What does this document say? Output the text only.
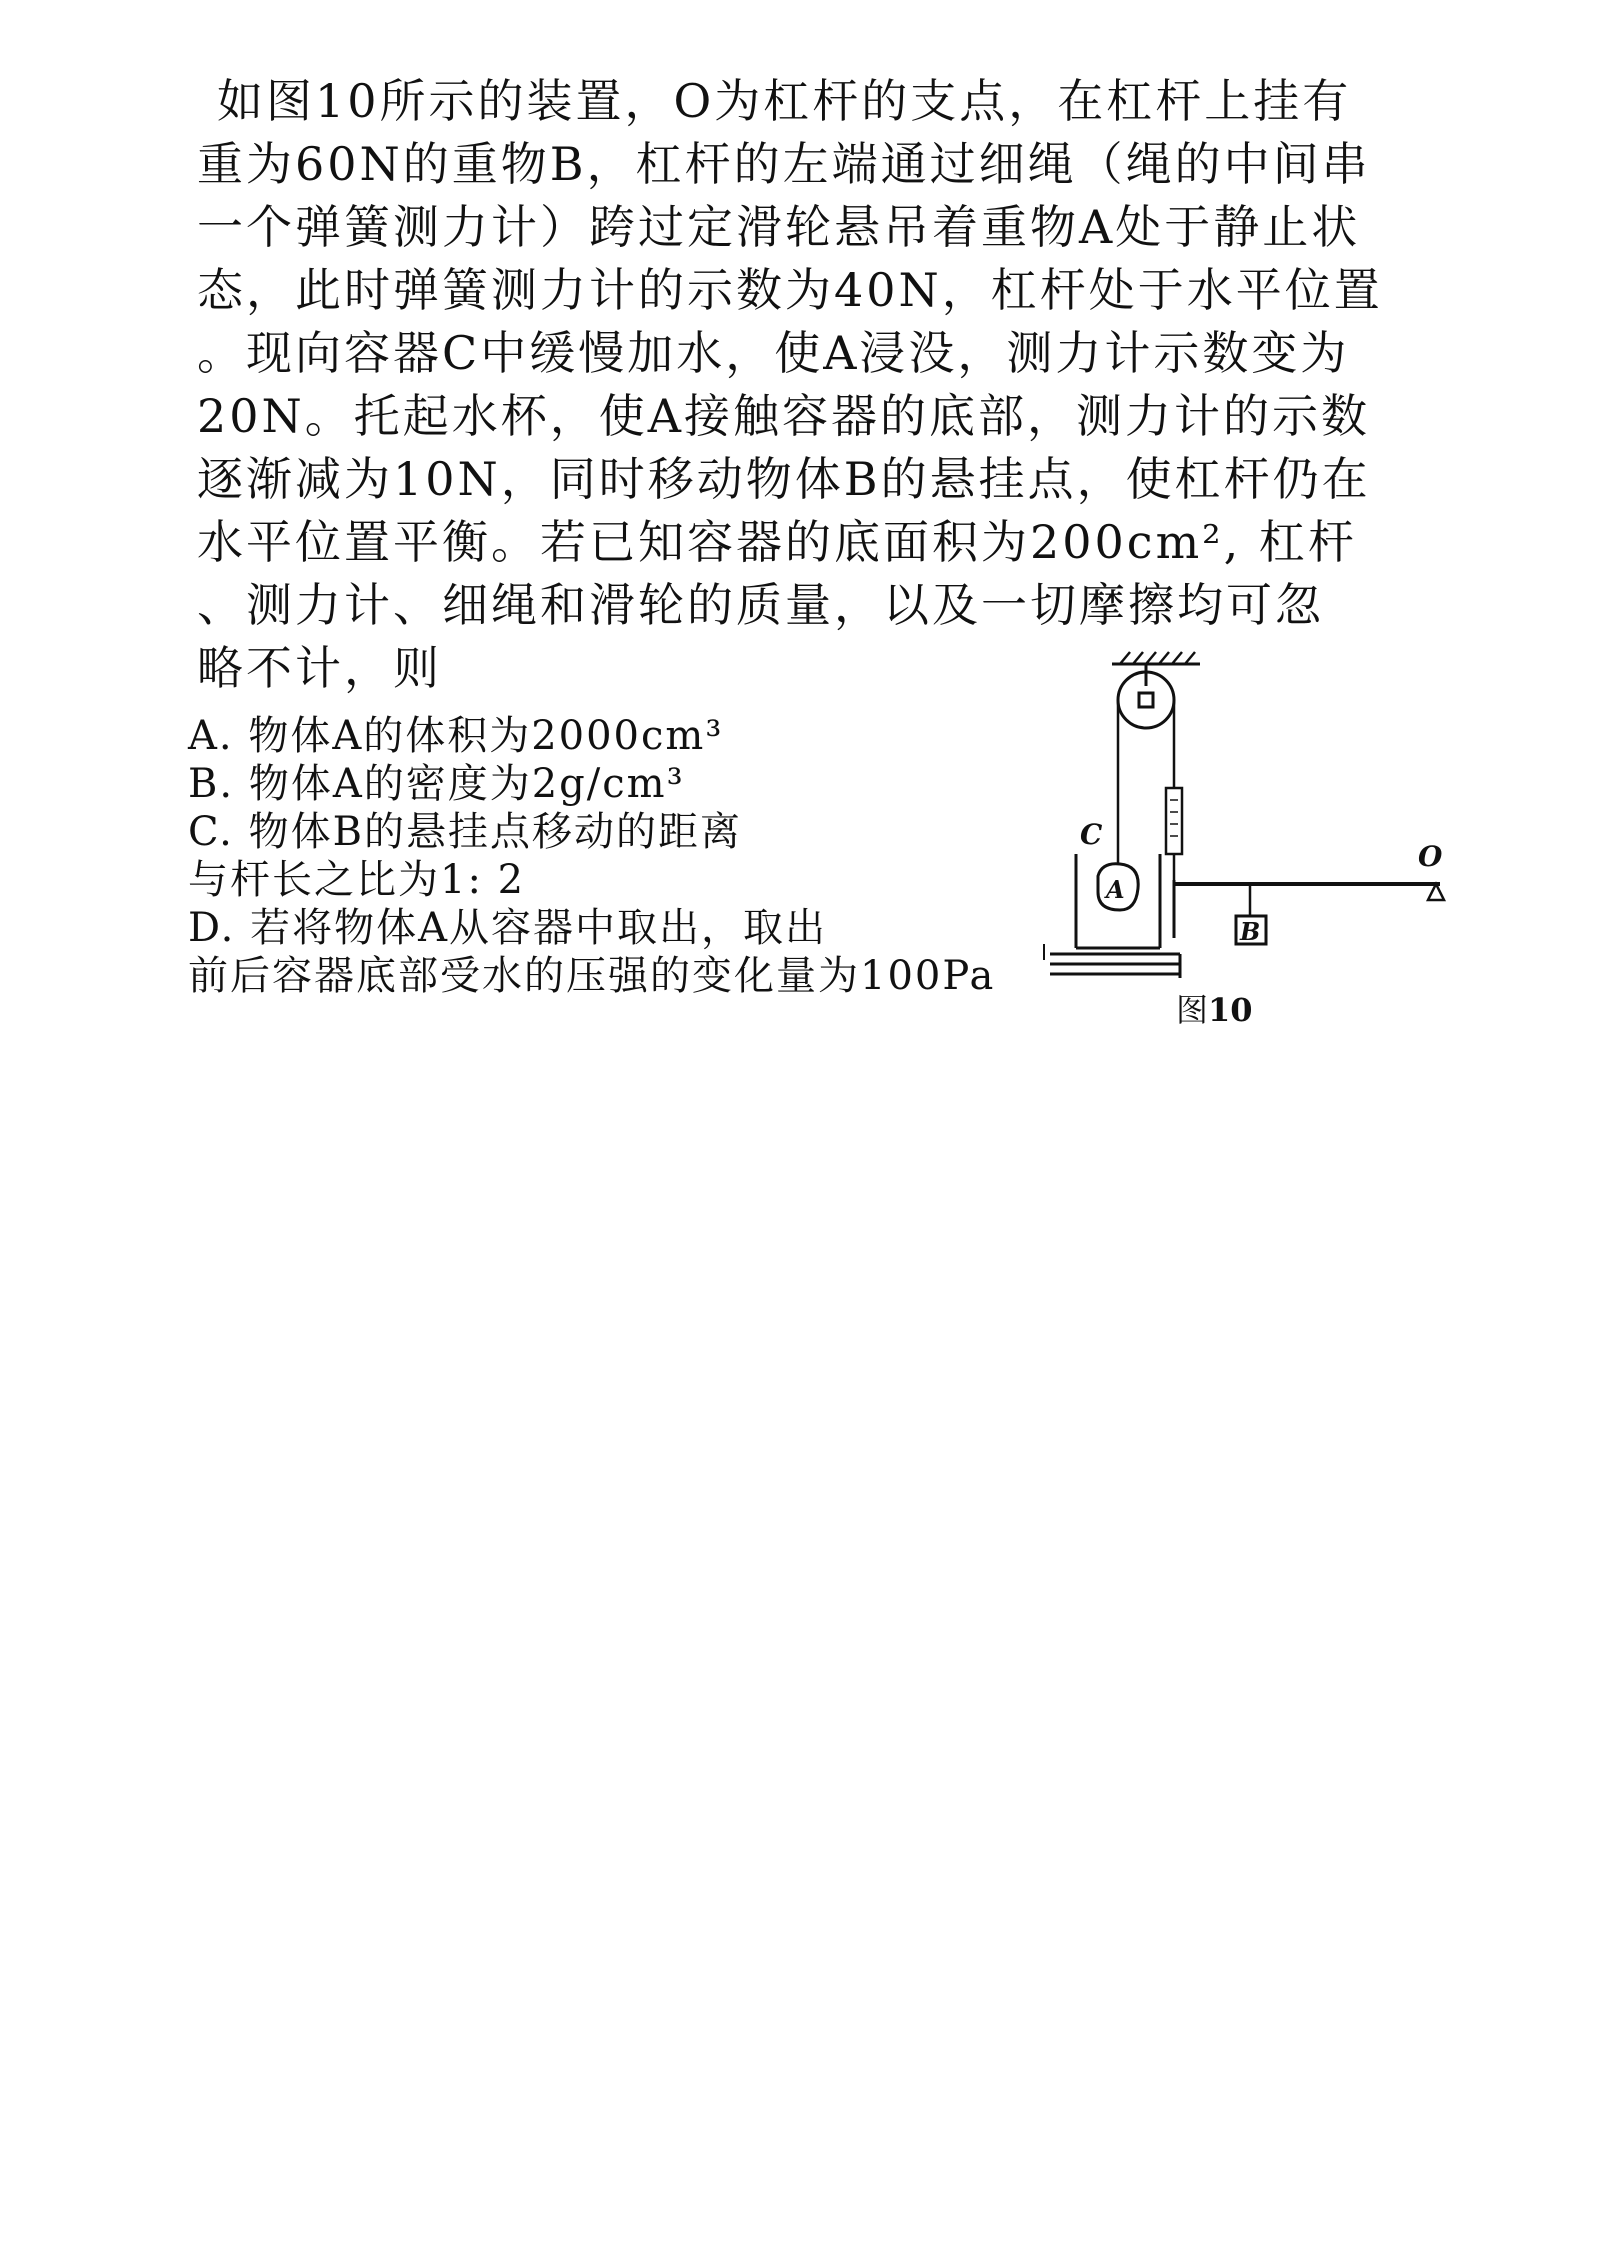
如图10所示的装置，O为杠杆的支点，在杠杆上挂有
重为60N的重物B，杠杆的左端通过细绳（绳的中间串
一个弹簧测力计）跨过定滑轮悬吊着重物A处于静止状
态，此时弹簧测力计的示数为40N，杠杆处于水平位置
。现向容器C中缓慢加水，使A浸没，测力计示数变为
20N。托起水杯，使A接触容器的底部，测力计的示数
逐渐减为10N，同时移动物体B的悬挂点，使杠杆仍在
水平位置平衡。若已知容器的底面积为200cm², 杠杆
、测力计、细绳和滑轮的质量，以及一切摩擦均可忽
略不计，则
A. 物体A的体积为2000cm³
B. 物体A的密度为2g/cm³
C. 物体B的悬挂点移动的距离
与杆长之比为1: 2
D. 若将物体A从容器中取出，取出
前后容器底部受水的压强的变化量为100Pa
C
A
B
O
图10
